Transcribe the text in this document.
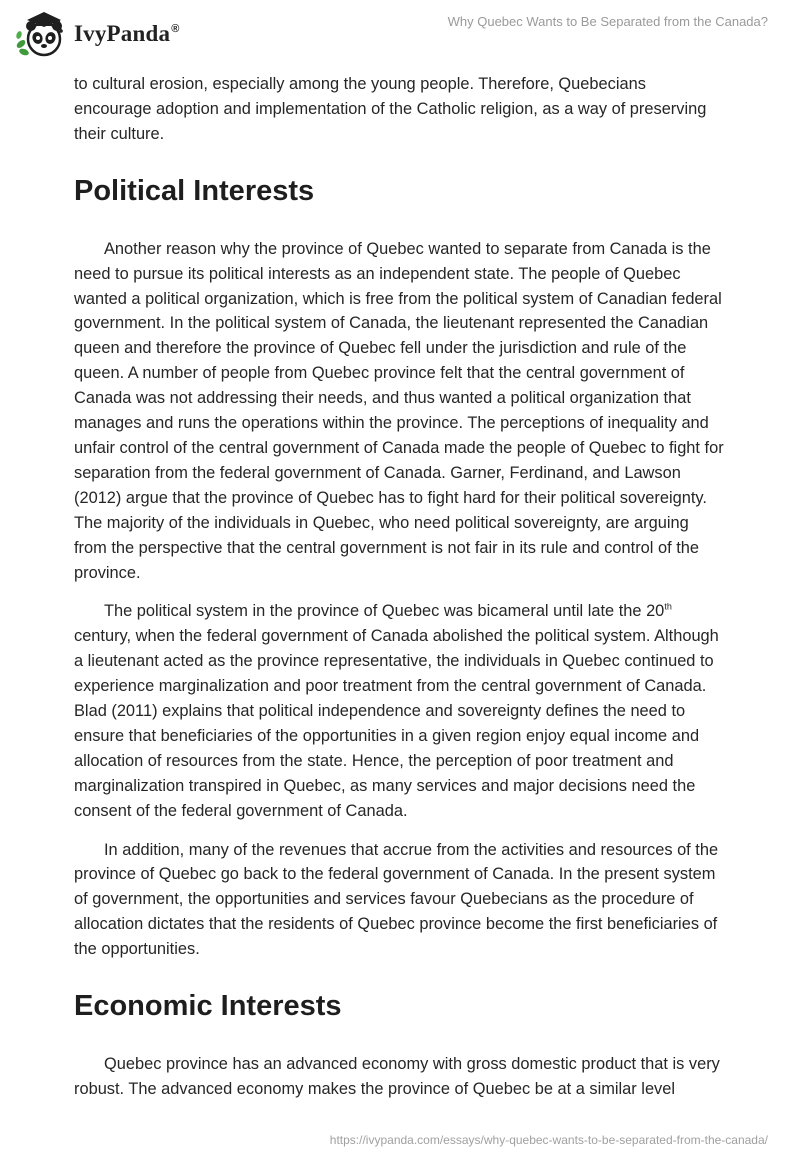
IvyPanda®
Why Quebec Wants to Be Separated from the Canada?

to cultural erosion, especially among the young people. Therefore, Quebecians encourage adoption and implementation of the Catholic religion, as a way of preserving their culture.

Political Interests

Another reason why the province of Quebec wanted to separate from Canada is the need to pursue its political interests as an independent state. The people of Quebec wanted a political organization, which is free from the political system of Canadian federal government. In the political system of Canada, the lieutenant represented the Canadian queen and therefore the province of Quebec fell under the jurisdiction and rule of the queen. A number of people from Quebec province felt that the central government of Canada was not addressing their needs, and thus wanted a political organization that manages and runs the operations within the province. The perceptions of inequality and unfair control of the central government of Canada made the people of Quebec to fight for separation from the federal government of Canada. Garner, Ferdinand, and Lawson (2012) argue that the province of Quebec has to fight hard for their political sovereignty. The majority of the individuals in Quebec, who need political sovereignty, are arguing from the perspective that the central government is not fair in its rule and control of the province.

The political system in the province of Quebec was bicameral until late the 20th century, when the federal government of Canada abolished the political system. Although a lieutenant acted as the province representative, the individuals in Quebec continued to experience marginalization and poor treatment from the central government of Canada. Blad (2011) explains that political independence and sovereignty defines the need to ensure that beneficiaries of the opportunities in a given region enjoy equal income and allocation of resources from the state. Hence, the perception of poor treatment and marginalization transpired in Quebec, as many services and major decisions need the consent of the federal government of Canada.

In addition, many of the revenues that accrue from the activities and resources of the province of Quebec go back to the federal government of Canada. In the present system of government, the opportunities and services favour Quebecians as the procedure of allocation dictates that the residents of Quebec province become the first beneficiaries of the opportunities.

Economic Interests

Quebec province has an advanced economy with gross domestic product that is very robust. The advanced economy makes the province of Quebec be at a similar level

https://ivypanda.com/essays/why-quebec-wants-to-be-separated-from-the-canada/
